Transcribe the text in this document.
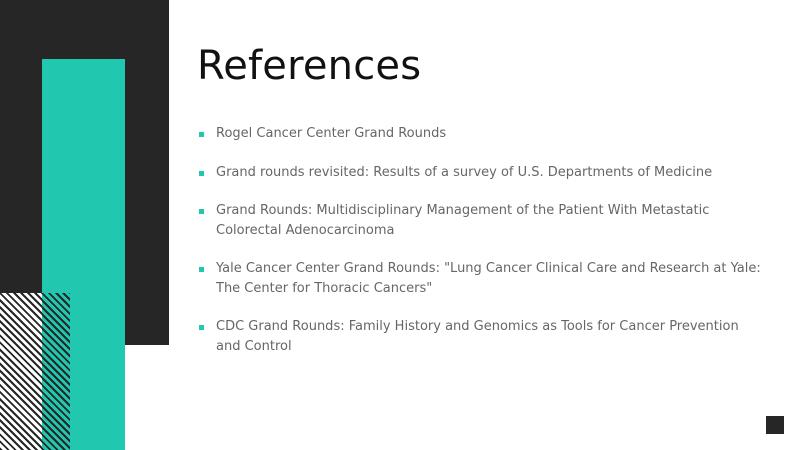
References
Rogel Cancer Center Grand Rounds
Grand rounds revisited: Results of a survey of U.S. Departments of Medicine
Grand Rounds: Multidisciplinary Management of the Patient With Metastatic Colorectal Adenocarcinoma
Yale Cancer Center Grand Rounds: "Lung Cancer Clinical Care and Research at Yale: The Center for Thoracic Cancers"
CDC Grand Rounds: Family History and Genomics as Tools for Cancer Prevention and Control
